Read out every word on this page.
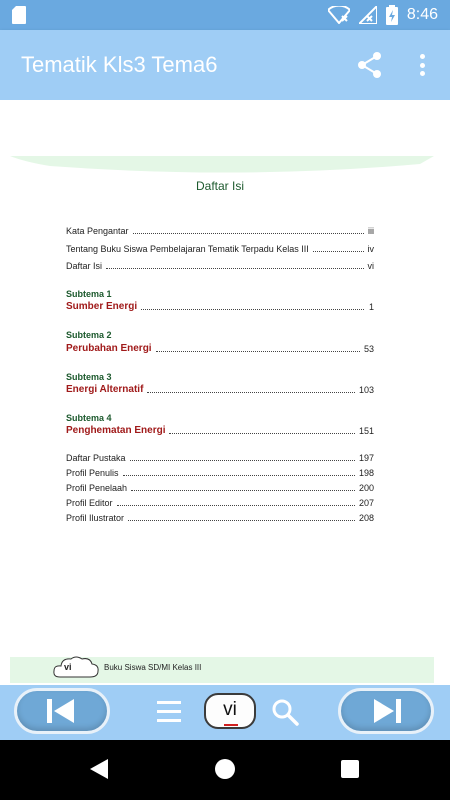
8:46
Tematik Kls3 Tema6
Daftar Isi
Kata Pengantar	iii
Tentang Buku Siswa Pembelajaran Tematik Terpadu Kelas III	iv
Daftar Isi	vi
Subtema 1
Sumber Energi	1
Subtema 2
Perubahan Energi	53
Subtema 3
Energi Alternatif	103
Subtema 4
Penghematan Energi	151
Daftar Pustaka	197
Profil Penulis	198
Profil Penelaah	200
Profil Editor	207
Profil Ilustrator	208
vi	Buku Siswa SD/MI Kelas III
vi
